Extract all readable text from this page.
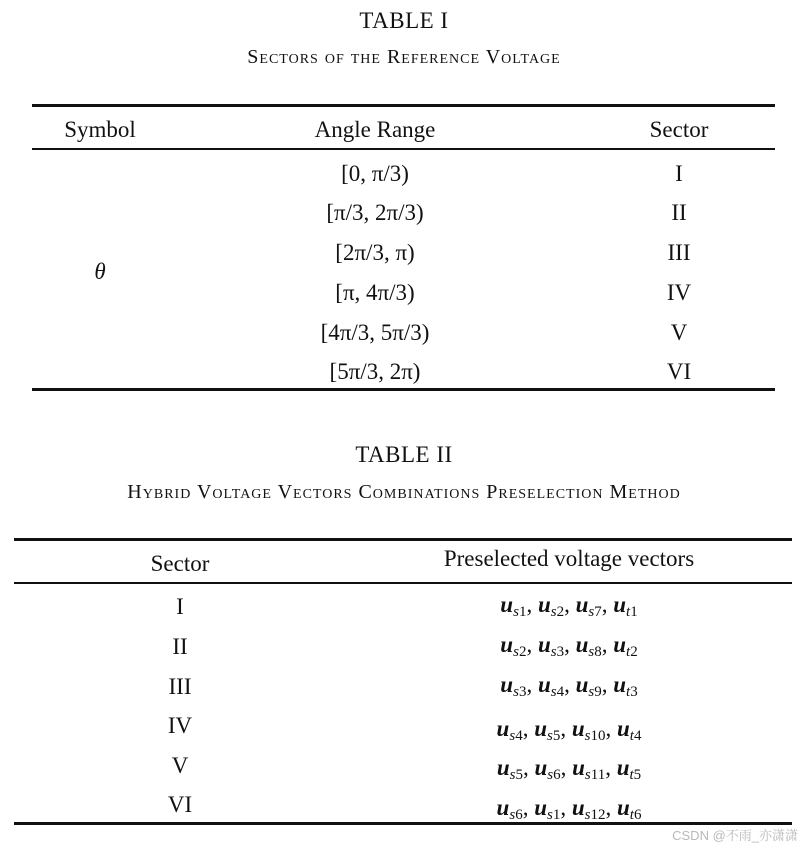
TABLE I
Sectors of the Reference Voltage
Symbol	Angle Range	Sector
θ
[0, π/3)	I
[π/3, 2π/3)	II
[2π/3, π)	III
[π, 4π/3)	IV
[4π/3, 5π/3)	V
[5π/3, 2π)	VI
TABLE II
Hybrid Voltage Vectors Combinations Preselection Method
Sector	Preselected voltage vectors
I	$u_{s1}$, $u_{s2}$, $u_{s7}$, $u_{t1}$
II	$u_{s2}$, $u_{s3}$, $u_{s8}$, $u_{t2}$
III	$u_{s3}$, $u_{s4}$, $u_{s9}$, $u_{t3}$
IV	$u_{s4}$, $u_{s5}$, $u_{s10}$, $u_{t4}$
V	$u_{s5}$, $u_{s6}$, $u_{s11}$, $u_{t5}$
VI	$u_{s6}$, $u_{s1}$, $u_{s12}$, $u_{t6}$
CSDN @不雨_亦潇潇
